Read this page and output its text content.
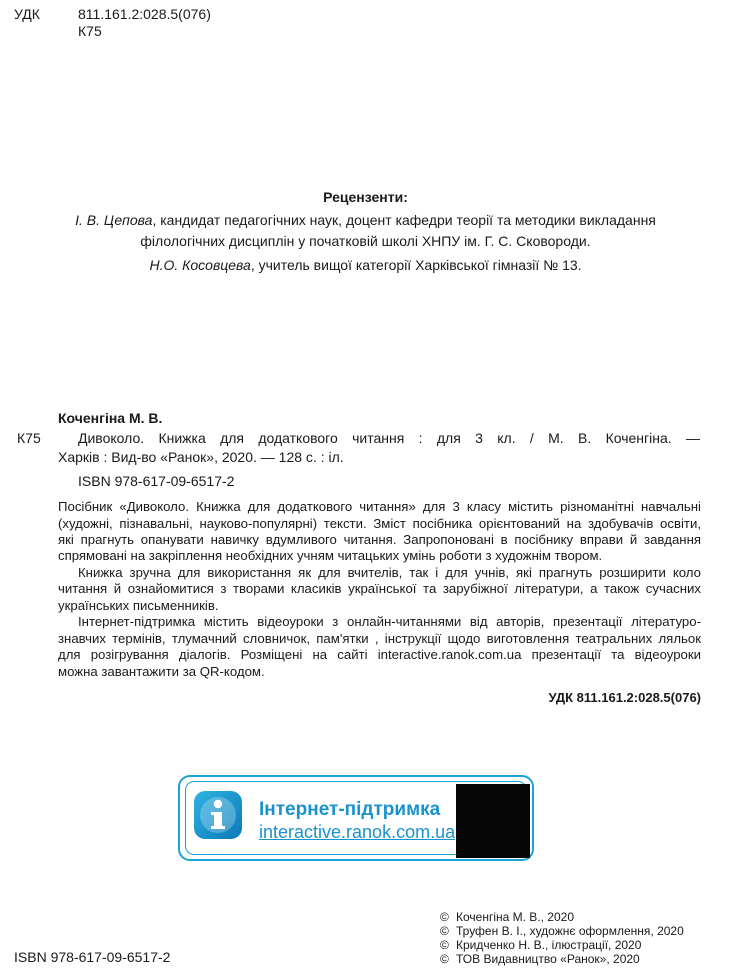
УДК	811.161.2:028.5(076)
К75
Рецензенти:
І. В. Цепова, кандидат педагогічних наук, доцент кафедри теорії та методики викладання
філологічних дисциплін у початковій школі ХНПУ ім. Г. С. Сковороди.
Н.О. Косовцева, учитель вищої категорії Харківської гімназії № 13.
Коченгіна М. В.
К75	Дивоколо. Книжка для додаткового читання : для 3 кл. / М. В. Коченгіна. —
Харків : Вид-во «Ранок», 2020. — 128 с. : іл.
ISBN 978-617-09-6517-2
Посібник «Дивоколо. Книжка для додаткового читання» для 3 класу містить різноманітні навчальні
(художні, пізнавальні, науково-популярні) тексти. Зміст посібника орієнтований на здобувачів освіти,
які прагнуть опанувати навичку вдумливого читання. Запропоновані в посібнику вправи й завдання
спрямовані на закріплення необхідних учням читацьких умінь роботи з художнім твором.
Книжка зручна для використання як для вчителів, так і для учнів, які прагнуть розширити коло
читання й ознайомитися з творами класиків української та зарубіжної літератури, а також сучасних
українських письменників.
Інтернет-підтримка містить відеоуроки з онлайн-читаннями від авторів, презентації літературо-
знавчих термінів, тлумачний словничок, пам'ятки , інструкції щодо виготовлення театральних ляльок
для розігрування діалогів. Розміщені на сайті interactive.ranok.com.ua презентації та відеоуроки
можна завантажити за QR-кодом.
УДК 811.161.2:028.5(076)
Інтернет-підтримка
interactive.ranok.com.ua
© Коченгіна М. В., 2020
© Труфен В. І., художнє оформлення, 2020
© Кридченко Н. В., ілюстрації, 2020
© ТОВ Видавництво «Ранок», 2020
ISBN 978-617-09-6517-2
